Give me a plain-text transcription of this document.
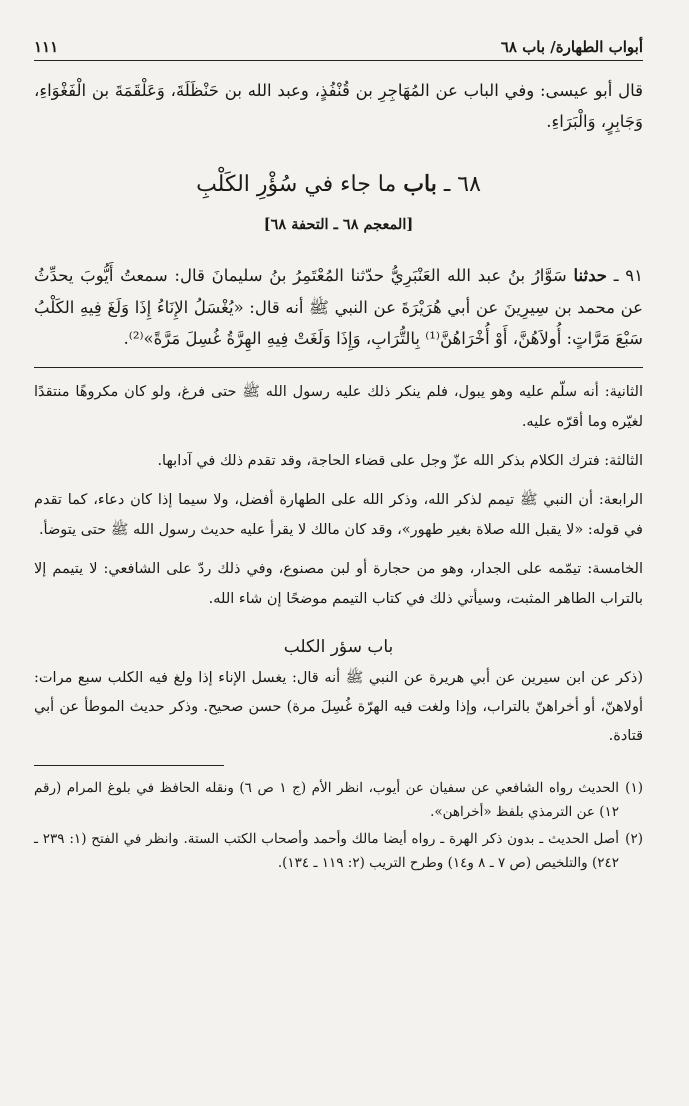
أبواب الطهارة/ باب ٦٨
١١١

قال أبو عيسى: وفي الباب عن المُهَاجِرِ بن قُنْفُذٍ، وعبد الله بن حَنْظَلَةَ، وَعَلْقَمَةَ بن الْفَغْوَاءِ، وَجَابِرٍ، وَالْبَرَاءِ.

٦٨ ـ باب ما جاء في سُؤْرِ الكَلْبِ
[المعجم ٦٨ ـ التحفة ٦٨]

٩١ ـ حدثنا سَوَّارُ بنُ عبد الله العَنْبَرِيُّ حدّثنا المُعْتَمِرُ بنُ سليمانَ قال: سمعتُ أَيُّوبَ يحدِّثُ عن محمد بن سِيرِينَ عن أبي هُرَيْرَةَ عن النبي ﷺ أنه قال: «يُغْسَلُ الإِنَاءُ إِذَا وَلَغَ فِيهِ الكَلْبُ سَبْعَ مَرَّاتٍ: أُولاَهُنَّ، أَوْ أُخْرَاهُنَّ⁽¹⁾ بِالتُّرَابِ، وَإِذَا وَلَغَتْ فِيهِ الهِرَّةُ غُسِلَ مَرَّةً»⁽²⁾.

الثانية: أنه سلّم عليه وهو يبول، فلم ينكر ذلك عليه رسول الله ﷺ حتى فرغ، ولو كان مكروهًا منتقدًا لغيّره وما أقرّه عليه.

الثالثة: فترك الكلام بذكر الله عزّ وجل على قضاء الحاجة، وقد تقدم ذلك في آدابها.

الرابعة: أن النبي ﷺ تيمم لذكر الله، وذكر الله على الطهارة أفضل، ولا سيما إذا كان دعاء، كما تقدم في قوله: «لا يقبل الله صلاة بغير طهور»، وقد كان مالك لا يقرأ عليه حديث رسول الله ﷺ حتى يتوضأ.

الخامسة: تيمّمه على الجدار، وهو من حجارة أو لبن مصنوع، وفي ذلك ردّ على الشافعي: لا يتيمم إلا بالتراب الطاهر المثبت، وسيأتي ذلك في كتاب التيمم موضحًا إن شاء الله.

باب سؤر الكلب

(ذكر عن ابن سيرين عن أبي هريرة عن النبي ﷺ أنه قال: يغسل الإناء إذا ولغ فيه الكلب سبع مرات: أولاهنّ، أو أخراهنّ بالتراب، وإذا ولغت فيه الهرّة غُسِلَ مرة) حسن صحيح. وذكر حديث الموطأ عن أبي قتادة.

(١)
الحديث رواه الشافعي عن سفيان عن أيوب، انظر الأم (ج ١ ص ٦) ونقله الحافظ في بلوغ المرام (رقم ١٢) عن الترمذي بلفظ «أخراهن».
(٢)
أصل الحديث ـ بدون ذكر الهرة ـ رواه أيضا مالك وأحمد وأصحاب الكتب الستة. وانظر في الفتح (١: ٢٣٩ ـ ٢٤٢) والتلخيص (ص ٧ ـ ٨ و١٤) وطرح التريب (٢: ١١٩ ـ ١٣٤).
